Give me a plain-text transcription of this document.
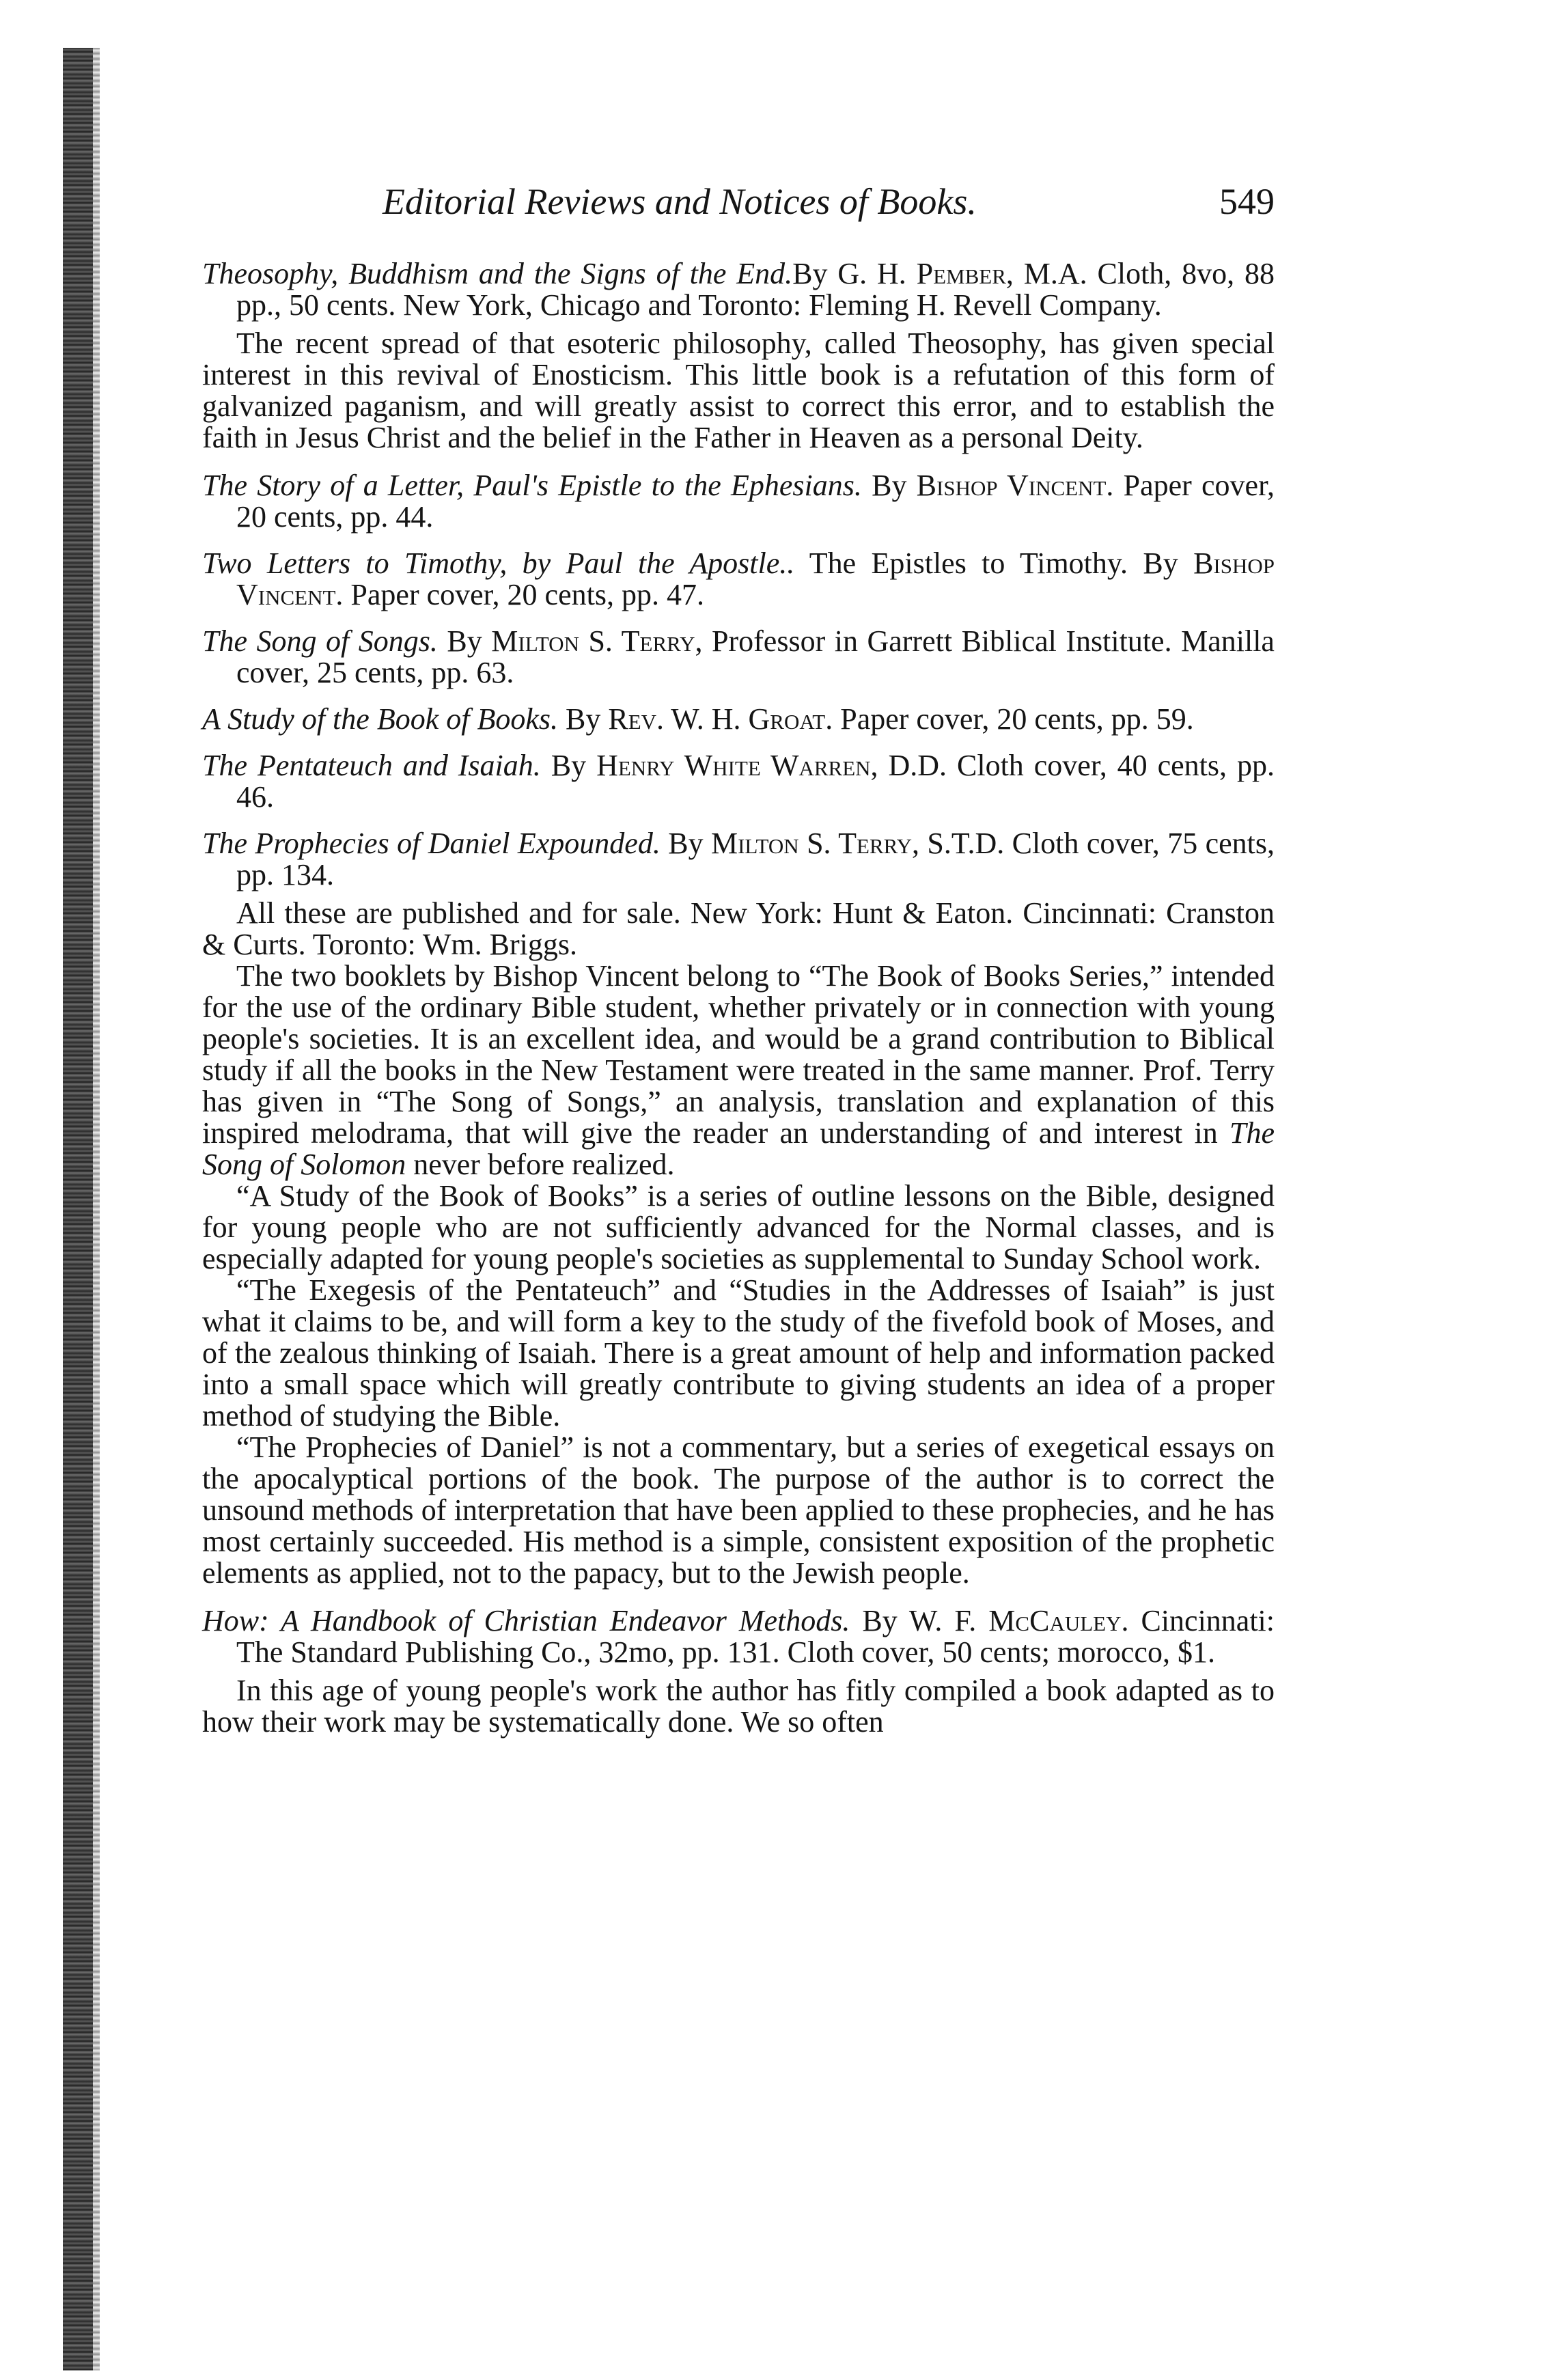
Editorial Reviews and Notices of Books.	549

Theosophy, Buddhism and the Signs of the End.By G. H. Pember, M.A. Cloth, 8vo, 88 pp., 50 cents. New York, Chicago and Toronto: Fleming H. Revell Company.

The recent spread of that esoteric philosophy, called Theosophy, has given special interest in this revival of Enosticism. This little book is a refutation of this form of galvanized paganism, and will greatly assist to correct this error, and to establish the faith in Jesus Christ and the belief in the Father in Heaven as a personal Deity.

The Story of a Letter, Paul's Epistle to the Ephesians. By Bishop Vincent. Paper cover, 20 cents, pp. 44.

Two Letters to Timothy, by Paul the Apostle.. The Epistles to Timothy. By Bishop Vincent. Paper cover, 20 cents, pp. 47.

The Song of Songs. By Milton S. Terry, Professor in Garrett Biblical Institute. Manilla cover, 25 cents, pp. 63.

A Study of the Book of Books. By Rev. W. H. Groat. Paper cover, 20 cents, pp. 59.

The Pentateuch and Isaiah. By Henry White Warren, D.D. Cloth cover, 40 cents, pp. 46.

The Prophecies of Daniel Expounded. By Milton S. Terry, S.T.D. Cloth cover, 75 cents, pp. 134.

All these are published and for sale. New York: Hunt & Eaton. Cincinnati: Cranston & Curts. Toronto: Wm. Briggs.

The two booklets by Bishop Vincent belong to “The Book of Books Series,” intended for the use of the ordinary Bible student, whether privately or in connection with young people's societies. It is an excellent idea, and would be a grand contribution to Biblical study if all the books in the New Testament were treated in the same manner. Prof. Terry has given in “The Song of Songs,” an analysis, translation and explanation of this inspired melodrama, that will give the reader an understanding of and interest in The Song of Solomon never before realized.

“A Study of the Book of Books” is a series of outline lessons on the Bible, designed for young people who are not sufficiently advanced for the Normal classes, and is especially adapted for young people's societies as supplemental to Sunday School work.

“The Exegesis of the Pentateuch” and “Studies in the Addresses of Isaiah” is just what it claims to be, and will form a key to the study of the fivefold book of Moses, and of the zealous thinking of Isaiah. There is a great amount of help and information packed into a small space which will greatly contribute to giving students an idea of a proper method of studying the Bible.

“The Prophecies of Daniel” is not a commentary, but a series of exegetical essays on the apocalyptical portions of the book. The purpose of the author is to correct the unsound methods of interpretation that have been applied to these prophecies, and he has most certainly succeeded. His method is a simple, consistent exposition of the prophetic elements as applied, not to the papacy, but to the Jewish people.

How: A Handbook of Christian Endeavor Methods. By W. F. McCauley. Cincinnati: The Standard Publishing Co., 32mo, pp. 131. Cloth cover, 50 cents; morocco, $1.

In this age of young people's work the author has fitly compiled a book adapted as to how their work may be systematically done. We so often
